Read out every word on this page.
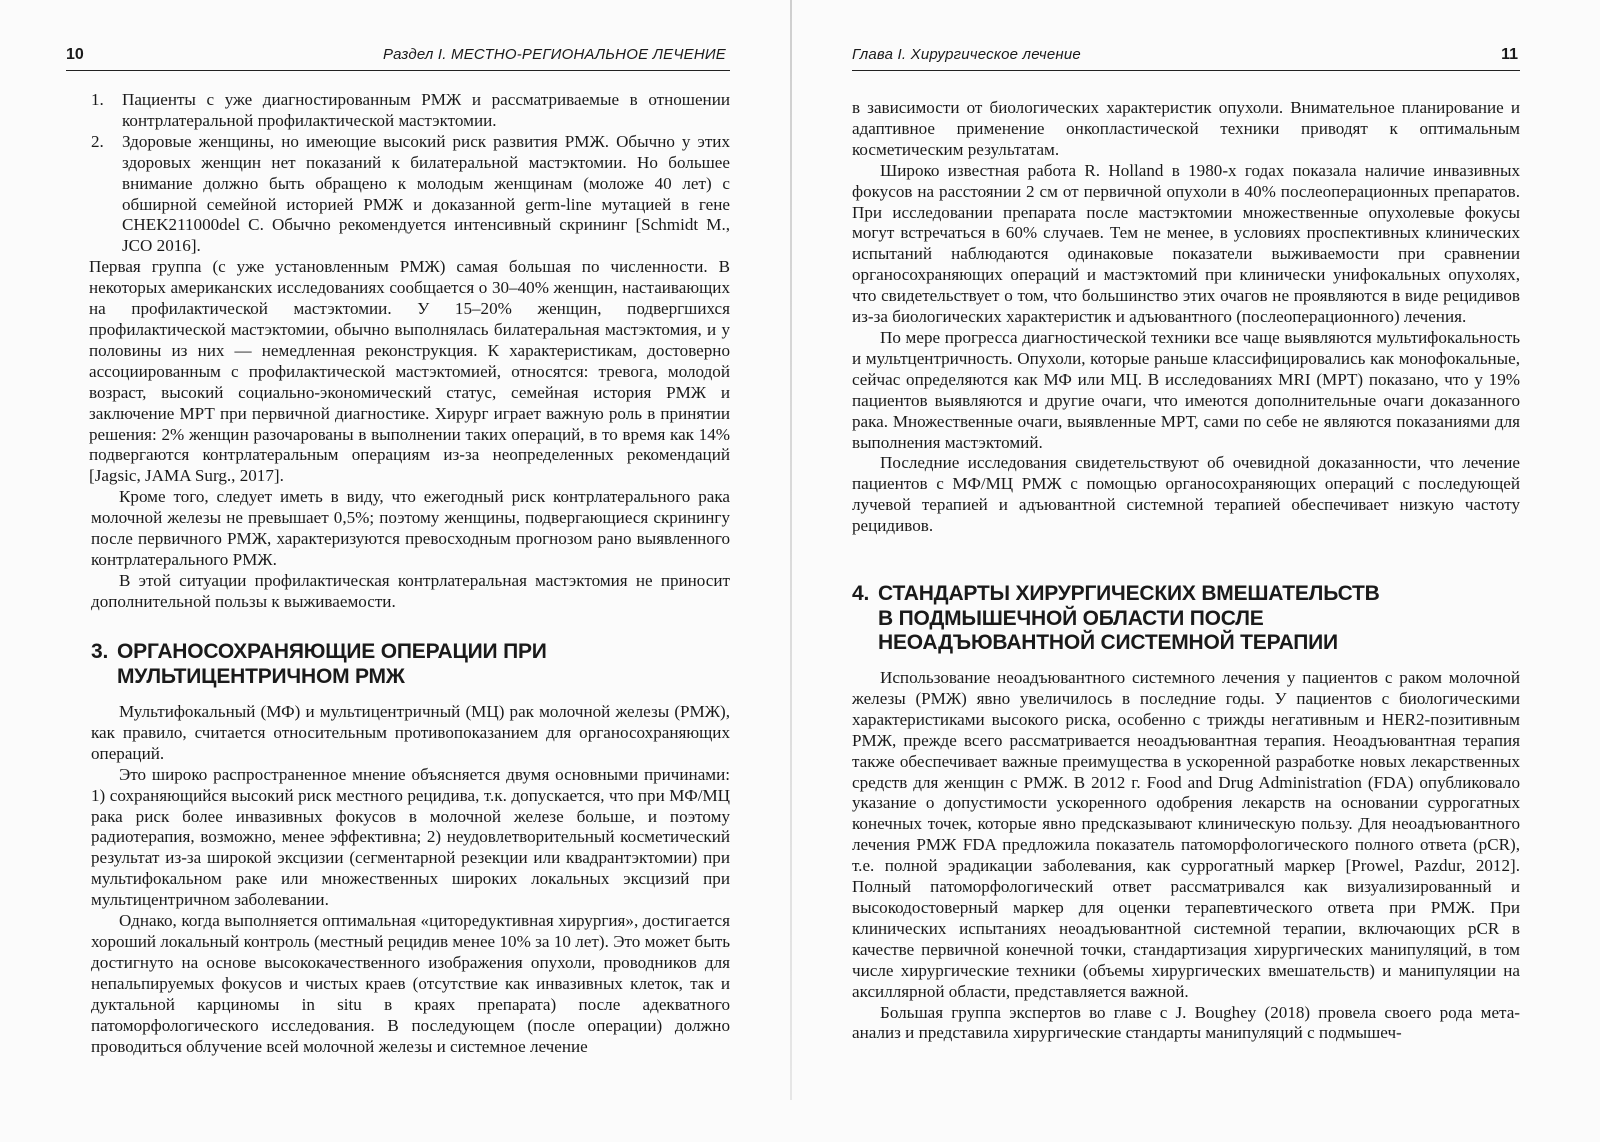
10	Раздел I. МЕСТНО-РЕГИОНАЛЬНОЕ ЛЕЧЕНИЕ
1. Пациенты с уже диагностированным РМЖ и рассматриваемые в отношении контрлатеральной профилактической мастэктомии.
2. Здоровые женщины, но имеющие высокий риск развития РМЖ. Обычно у этих здоровых женщин нет показаний к билатеральной мастэктомии. Но большее внимание должно быть обращено к молодым женщинам (моложе 40 лет) с обширной семейной историей РМЖ и доказанной germ-line мутацией в гене CHEK211000del C. Обычно рекомендуется интенсивный скрининг [Schmidt M., JCO 2016].

Первая группа (с уже установленным РМЖ) самая большая по численности. В некоторых американских исследованиях сообщается о 30–40% женщин, настаивающих на профилактической мастэктомии. У 15–20% женщин, подвергшихся профилактической мастэктомии, обычно выполнялась билатеральная мастэктомия, и у половины из них — немедленная реконструкция. К характеристикам, достоверно ассоциированным с профилактической мастэктомией, относятся: тревога, молодой возраст, высокий социально-экономический статус, семейная история РМЖ и заключение МРТ при первичной диагностике. Хирург играет важную роль в принятии решения: 2% женщин разочарованы в выполнении таких операций, в то время как 14% подвергаются контрлатеральным операциям из-за неопределенных рекомендаций [Jagsic, JAMA Surg., 2017].

Кроме того, следует иметь в виду, что ежегодный риск контрлатерального рака молочной железы не превышает 0,5%; поэтому женщины, подвергающиеся скринингу после первичного РМЖ, характеризуются превосходным прогнозом рано выявленного контрлатерального РМЖ.

В этой ситуации профилактическая контрлатеральная мастэктомия не приносит дополнительной пользы к выживаемости.

3. ОРГАНОСОХРАНЯЮЩИЕ ОПЕРАЦИИ ПРИ
МУЛЬТИЦЕНТРИЧНОМ РМЖ

Мультифокальный (МФ) и мультицентричный (МЦ) рак молочной железы (РМЖ), как правило, считается относительным противопоказанием для органосохраняющих операций.

Это широко распространенное мнение объясняется двумя основными причинами: 1) сохраняющийся высокий риск местного рецидива, т.к. допускается, что при МФ/МЦ рака риск более инвазивных фокусов в молочной железе больше, и поэтому радиотерапия, возможно, менее эффективна; 2) неудовлетворительный косметический результат из-за широкой эксцизии (сегментарной резекции или квадрантэктомии) при мультифокальном раке или множественных широких локальных эксцизий при мультицентричном заболевании.

Однако, когда выполняется оптимальная «циторедуктивная хирургия», достигается хороший локальный контроль (местный рецидив менее 10% за 10 лет). Это может быть достигнуто на основе высококачественного изображения опухоли, проводников для непальпируемых фокусов и чистых краев (отсутствие как инвазивных клеток, так и дуктальной карциномы in situ в краях препарата) после адекватного патоморфологического исследования. В последующем (после операции) должно проводиться облучение всей молочной железы и системное лечение

Глава I. Хирургическое лечение	11

в зависимости от биологических характеристик опухоли. Внимательное планирование и адаптивное применение онкопластической техники приводят к оптимальным косметическим результатам.

Широко известная работа R. Holland в 1980-х годах показала наличие инвазивных фокусов на расстоянии 2 см от первичной опухоли в 40% послеоперационных препаратов. При исследовании препарата после мастэктомии множественные опухолевые фокусы могут встречаться в 60% случаев. Тем не менее, в условиях проспективных клинических испытаний наблюдаются одинаковые показатели выживаемости при сравнении органосохраняющих операций и мастэктомий при клинически унифокальных опухолях, что свидетельствует о том, что большинство этих очагов не проявляются в виде рецидивов из-за биологических характеристик и адъювантного (послеоперационного) лечения.

По мере прогресса диагностической техники все чаще выявляются мультифокальность и мультцентричность. Опухоли, которые раньше классифицировались как монофокальные, сейчас определяются как МФ или МЦ. В исследованиях MRI (МРТ) показано, что у 19% пациентов выявляются и другие очаги, что имеются дополнительные очаги доказанного рака. Множественные очаги, выявленные МРТ, сами по себе не являются показаниями для выполнения мастэктомий.

Последние исследования свидетельствуют об очевидной доказанности, что лечение пациентов с МФ/МЦ РМЖ с помощью органосохраняющих операций с последующей лучевой терапией и адъювантной системной терапией обеспечивает низкую частоту рецидивов.

4. СТАНДАРТЫ ХИРУРГИЧЕСКИХ ВМЕШАТЕЛЬСТВ
В ПОДМЫШЕЧНОЙ ОБЛАСТИ ПОСЛЕ
НЕОАДЪЮВАНТНОЙ СИСТЕМНОЙ ТЕРАПИИ

Использование неоадъювантного системного лечения у пациентов с раком молочной железы (РМЖ) явно увеличилось в последние годы. У пациентов с биологическими характеристиками высокого риска, особенно с трижды негативным и HER2-позитивным РМЖ, прежде всего рассматривается неоадъювантная терапия. Неоадъювантная терапия также обеспечивает важные преимущества в ускоренной разработке новых лекарственных средств для женщин с РМЖ. В 2012 г. Food and Drug Administration (FDA) опубликовало указание о допустимости ускоренного одобрения лекарств на основании суррогатных конечных точек, которые явно предсказывают клиническую пользу. Для неоадъювантного лечения РМЖ FDA предложила показатель патоморфологического полного ответа (pCR), т.е. полной эрадикации заболевания, как суррогатный маркер [Prowel, Pazdur, 2012]. Полный патоморфологический ответ рассматривался как визуализированный и высокодостоверный маркер для оценки терапевтического ответа при РМЖ. При клинических испытаниях неоадъювантной системной терапии, включающих pCR в качестве первичной конечной точки, стандартизация хирургических манипуляций, в том числе хирургические техники (объемы хирургических вмешательств) и манипуляции на аксиллярной области, представляется важной.

Большая группа экспертов во главе с J. Boughey (2018) провела своего рода мета-анализ и представила хирургические стандарты манипуляций с подмышеч-
